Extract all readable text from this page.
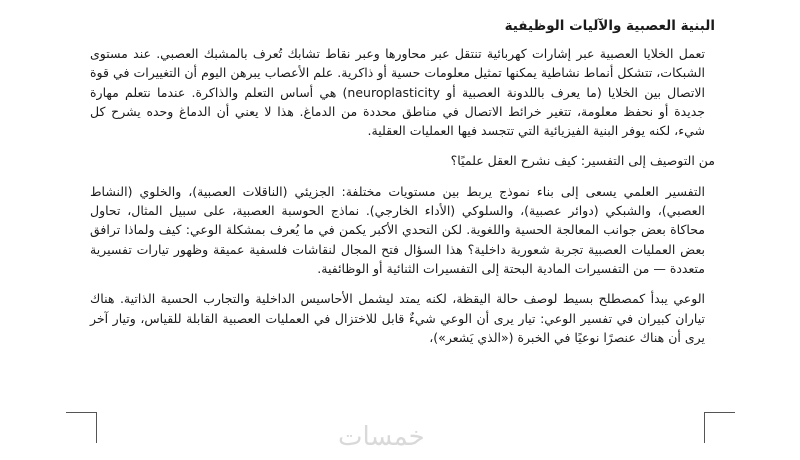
البنية العصبية والآليات الوظيفية

تعمل الخلايا العصبية عبر إشارات كهربائية تنتقل عبر محاورها وعبر نقاط تشابك تُعرف بالمشبك العصبي. عند مستوى الشبكات، تتشكل أنماط نشاطية يمكنها تمثيل معلومات حسية أو ذاكرية. علم الأعصاب يبرهن اليوم أن التغييرات في قوة الاتصال بين الخلايا (ما يعرف باللدونة العصبية أو neuroplasticity) هي أساس التعلم والذاكرة. عندما نتعلم مهارة جديدة أو نحفظ معلومة، تتغير خرائط الاتصال في مناطق محددة من الدماغ. هذا لا يعني أن الدماغ وحده يشرح كل شيء، لكنه يوفر البنية الفيزيائية التي تتجسد فيها العمليات العقلية.

من التوصيف إلى التفسير: كيف نشرح العقل علميًا؟

التفسير العلمي يسعى إلى بناء نموذج يربط بين مستويات مختلفة: الجزيئي (الناقلات العصبية)، والخلوي (النشاط العصبي)، والشبكي (دوائر عصبية)، والسلوكي (الأداء الخارجي). نماذج الحوسبة العصبية، على سبيل المثال، تحاول محاكاة بعض جوانب المعالجة الحسية واللغوية. لكن التحدي الأكبر يكمن في ما يُعرف بمشكلة الوعي: كيف ولماذا ترافق بعض العمليات العصبية تجربة شعورية داخلية؟ هذا السؤال فتح المجال لنقاشات فلسفية عميقة وظهور تيارات تفسيرية متعددة — من التفسيرات المادية البحتة إلى التفسيرات الثنائية أو الوظائفية.

الوعي يبدأ كمصطلح بسيط لوصف حالة اليقظة، لكنه يمتد ليشمل الأحاسيس الداخلية والتجارب الحسية الذاتية. هناك تياران كبيران في تفسير الوعي: تيار يرى أن الوعي شيءٌ قابل للاختزال في العمليات العصبية القابلة للقياس، وتيار آخر يرى أن هناك عنصرًا نوعيًا في الخبرة («الذي يَشعر»)،

خمسات
